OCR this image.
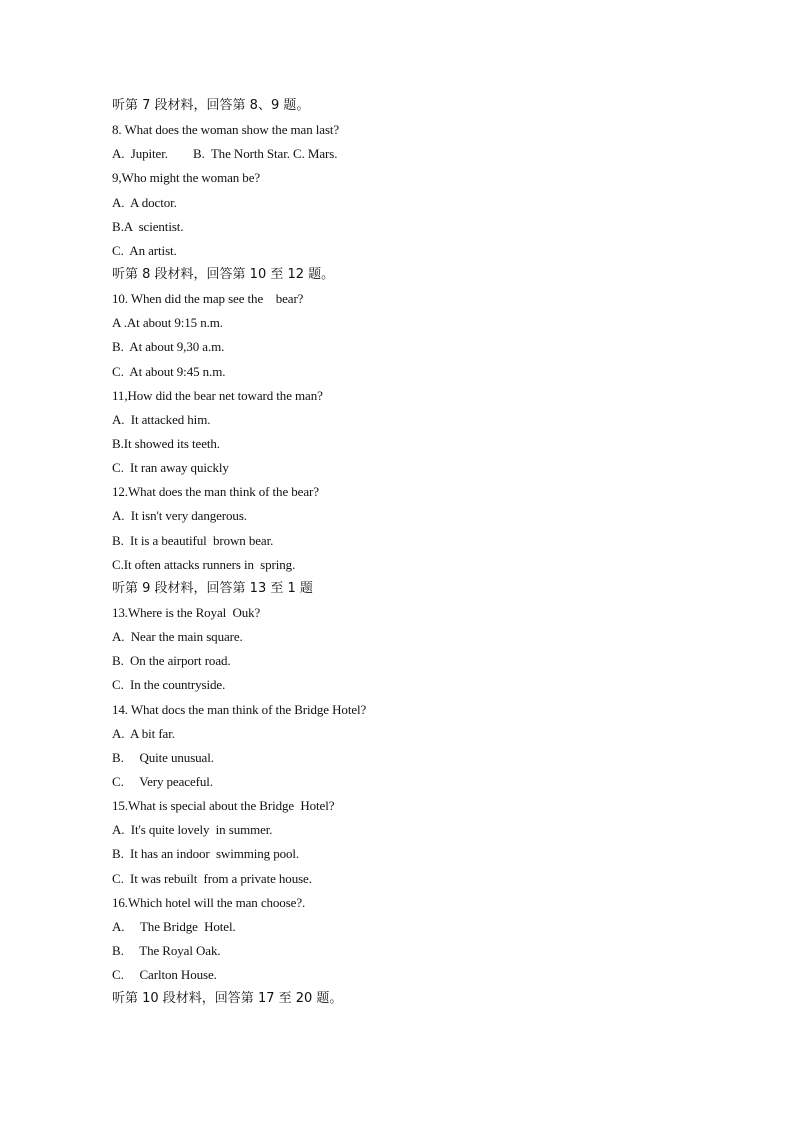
听第 7 段材料，回答第 8、9 题。
8. What does the woman show the man last?
A.  Jupiter.        B.  The North Star. C. Mars.
9,Who might the woman be?
A.  A doctor.
B.A  scientist.
C.  An artist.
听第 8 段材料，回答第 10 至 12 题。
10. When did the map see the    bear?
A .At about 9:15 n.m.
B.  At about 9,30 a.m.
C.  At about 9:45 n.m.
11,How did the bear net toward the man?
A.  It attacked him.
B.It showed its teeth.
C.  It ran away quickly
12.What does the man think of the bear?
A.  It isn't very dangerous.
B.  It is a beautiful  brown bear.
C.It often attacks runners in  spring.
听第 9 段材料，回答第 13 至 1 题
13.Where is the Royal  Ouk?
A.  Near the main square.
B.  On the airport road.
C.  In the countryside.
14. What docs the man think of the Bridge Hotel?
A.  A bit far.
B.     Quite unusual.
C.     Very peaceful.
15.What is special about the Bridge  Hotel?
A.  It's quite lovely  in summer.
B.  It has an indoor  swimming pool.
C.  It was rebuilt  from a private house.
16.Which hotel will the man choose?.
A.     The Bridge  Hotel.
B.     The Royal Oak.
C.     Carlton House.
听第 10 段材料，回答第 17 至 20 题。
